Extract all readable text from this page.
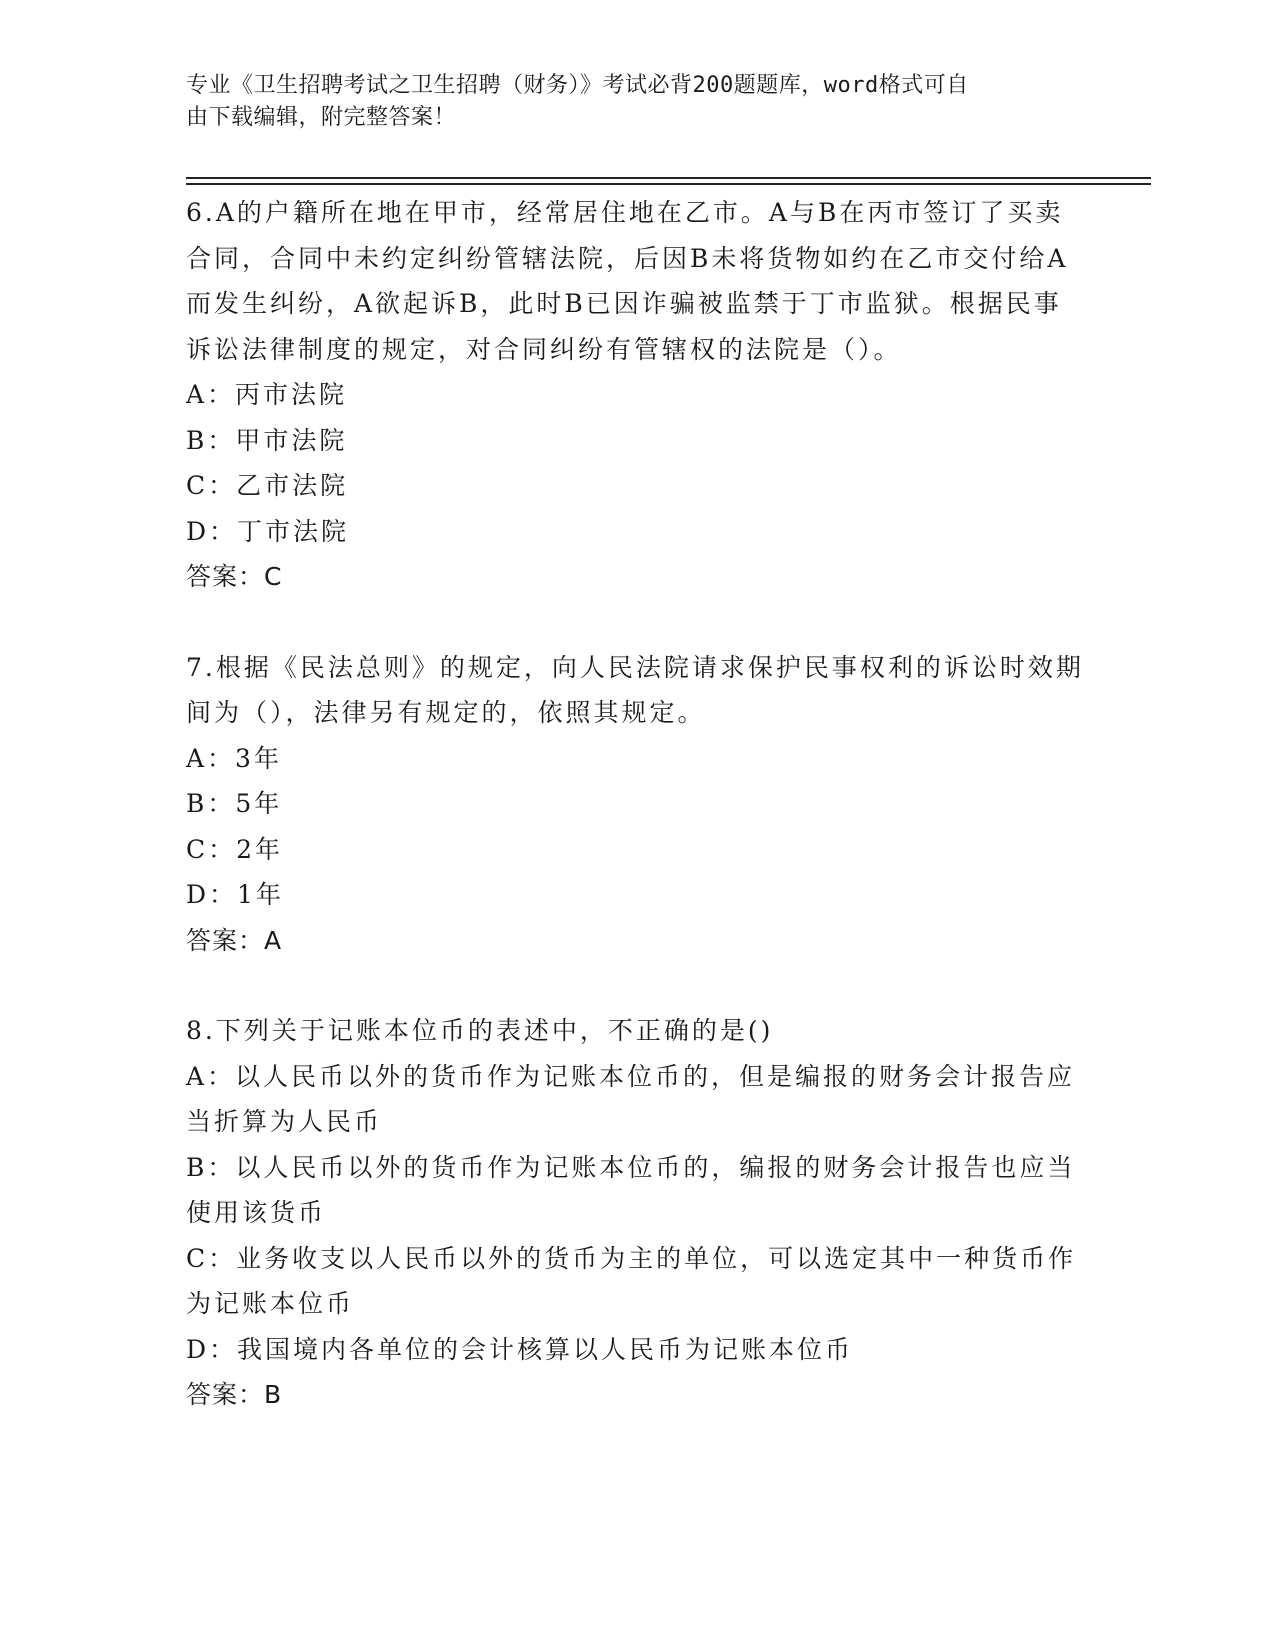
专业《卫生招聘考试之卫生招聘（财务）》考试必背200题题库，word格式可自
由下载编辑，附完整答案！

6.A的户籍所在地在甲市，经常居住地在乙市。A与B在丙市签订了买卖合同，合同中未约定纠纷管辖法院，后因B未将货物如约在乙市交付给A而发生纠纷，A欲起诉B，此时B已因诈骗被监禁于丁市监狱。根据民事诉讼法律制度的规定，对合同纠纷有管辖权的法院是（）。

A：丙市法院

B：甲市法院

C：乙市法院

D：丁市法院

答案：C

7.根据《民法总则》的规定，向人民法院请求保护民事权利的诉讼时效期间为（），法律另有规定的，依照其规定。

A：3年

B：5年

C：2年

D：1年

答案：A

8.下列关于记账本位币的表述中，不正确的是()

A：以人民币以外的货币作为记账本位币的，但是编报的财务会计报告应当折算为人民币

B：以人民币以外的货币作为记账本位币的，编报的财务会计报告也应当使用该货币

C：业务收支以人民币以外的货币为主的单位，可以选定其中一种货币作为记账本位币

D：我国境内各单位的会计核算以人民币为记账本位币

答案：B
